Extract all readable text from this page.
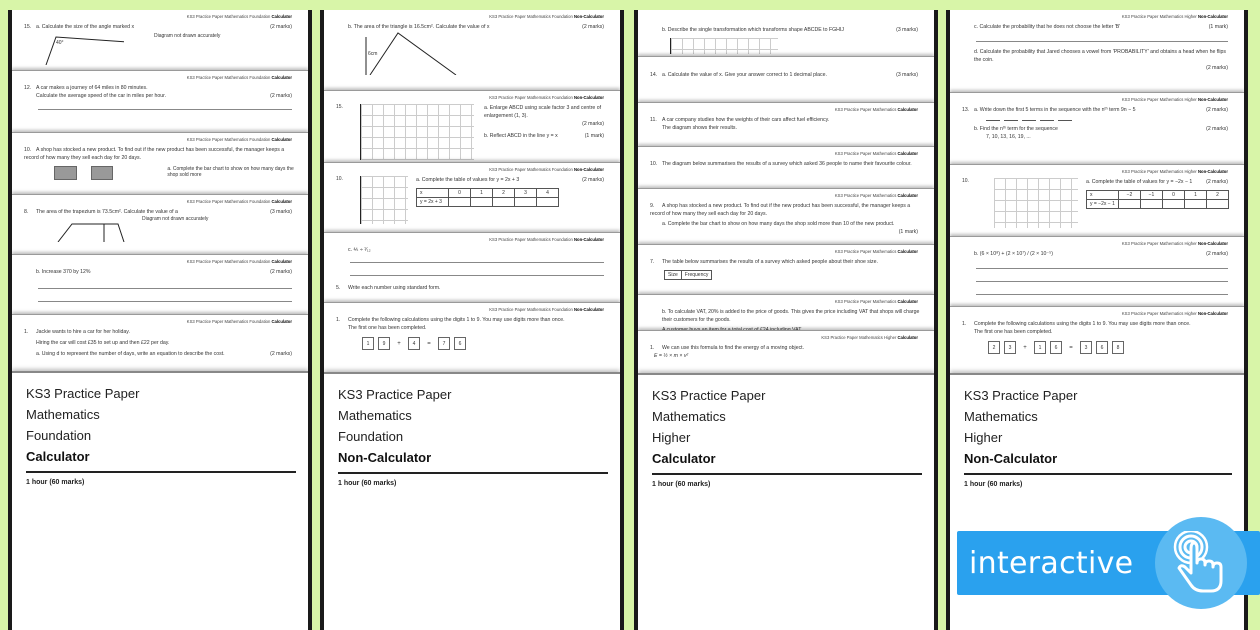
KS3 Practice Paper Mathematics Foundation Calculator
15. a. Calculate the size of the angle marked x	(2 marks)
40°
Diagram not drawn accurately
KS3 Practice Paper Mathematics Foundation Calculator
12. A car makes a journey of 64 miles in 80 minutes.
Calculate the average speed of the car in miles per hour.	(2 marks)
KS3 Practice Paper Mathematics Foundation Calculator
10. A shop has stocked a new product. To find out if the new product has been successful, the manager keeps a record of how many they sell each day for 20 days.
a. Complete the bar chart to show on how many days the shop sold more
KS3 Practice Paper Mathematics Foundation Calculator
8. The area of the trapezium is 73.5cm². Calculate the value of a	(3 marks)
Diagram not drawn accurately
KS3 Practice Paper Mathematics Foundation Calculator
b. Increase 370 by 12%	(2 marks)
KS3 Practice Paper Mathematics Foundation Calculator
1. Jackie wants to hire a car for her holiday.
Hiring the car will cost £35 to set up and then £22 per day.
a. Using d to represent the number of days, write an equation to describe the cost.	(2 marks)
KS3 Practice Paper
Mathematics
Foundation
Calculator
1 hour (60 marks)
KS3 Practice Paper Mathematics Foundation Non-Calculator
b. The area of the triangle is 16.5cm². Calculate the value of x	(2 marks)
6cm
KS3 Practice Paper Mathematics Foundation Non-Calculator
15.	a. Enlarge ABCD using scale factor 3 and centre of enlargement (1, 3).
(2 marks)
b. Reflect ABCD in the line y = x	(1 mark)
KS3 Practice Paper Mathematics Foundation Non-Calculator
10.	a. Complete the table of values for y = 2x + 3	(2 marks)
x	0	1	2	3	4
y = 2x + 3					
KS3 Practice Paper Mathematics Foundation Non-Calculator
c. ⅘ ÷ ¹⁄₁₂
5. Write each number using standard form.
KS3 Practice Paper Mathematics Foundation Non-Calculator
1. Complete the following calculations using the digits 1 to 9. You may use digits more than once.
The first one has been completed.
1	9	+	4	=	7	6
KS3 Practice Paper
Mathematics
Foundation
Non-Calculator
1 hour (60 marks)
b. Describe the single transformation which transforms shape ABCDE to FGHIJ	(3 marks)
14. a. Calculate the value of x. Give your answer correct to 1 decimal place.	(3 marks)
KS3 Practice Paper Mathematics Calculator
11. A car company studies how the weights of their cars affect fuel efficiency.
The diagram shows their results.
KS3 Practice Paper Mathematics Calculator
10. The diagram below summarises the results of a survey which asked 36 people to name their favourite colour.
KS3 Practice Paper Mathematics Calculator
9. A shop has stocked a new product. To find out if the new product has been successful, the manager keeps a record of how many they sell each day for 20 days.
a. Complete the bar chart to show on how many days the shop sold more than 10 of the new product.
(1 mark)
KS3 Practice Paper Mathematics Calculator
7. The table below summarises the results of a survey which asked people about their shoe size.
Size	Frequency
KS3 Practice Paper Mathematics Calculator
b. To calculate VAT, 20% is added to the price of goods. This gives the price including VAT that shops will charge their customers for the goods.
KS3 Practice Paper Mathematics Higher Calculator
1. We can use this formula to find the energy of a moving object.
E = ½ × m × v²
KS3 Practice Paper
Mathematics
Higher
Calculator
1 hour (60 marks)
KS3 Practice Paper Mathematics Higher Non-Calculator
c. Calculate the probability that he does not choose the letter 'B'	(1 mark)
d. Calculate the probability that Jared chooses a vowel from 'PROBABILITY' and obtains a head when he flips the coin.
(2 marks)
KS3 Practice Paper Mathematics Higher Non-Calculator
13. a. Write down the first 5 terms in the sequence with the nᵗʰ term 9n − 5	(2 marks)
b. Find the nᵗʰ term for the sequence	(2 marks)
7, 10, 13, 16, 19, ...
KS3 Practice Paper Mathematics Higher Non-Calculator
10.	a. Complete the table of values for y = −2x − 1	(2 marks)
x	−2	−1	0	1	2
y = −2x − 1					
KS3 Practice Paper Mathematics Higher Non-Calculator
b. (6 × 10⁸) + (2 × 10⁷) / (2 × 10⁻⁵)	(2 marks)
KS3 Practice Paper Mathematics Higher Non-Calculator
1. Complete the following calculations using the digits 1 to 9. You may use digits more than once.
The first one has been completed.
2	3	+	1	6	=	3	6	8
KS3 Practice Paper
Mathematics
Higher
Non-Calculator
1 hour (60 marks)
interactive
